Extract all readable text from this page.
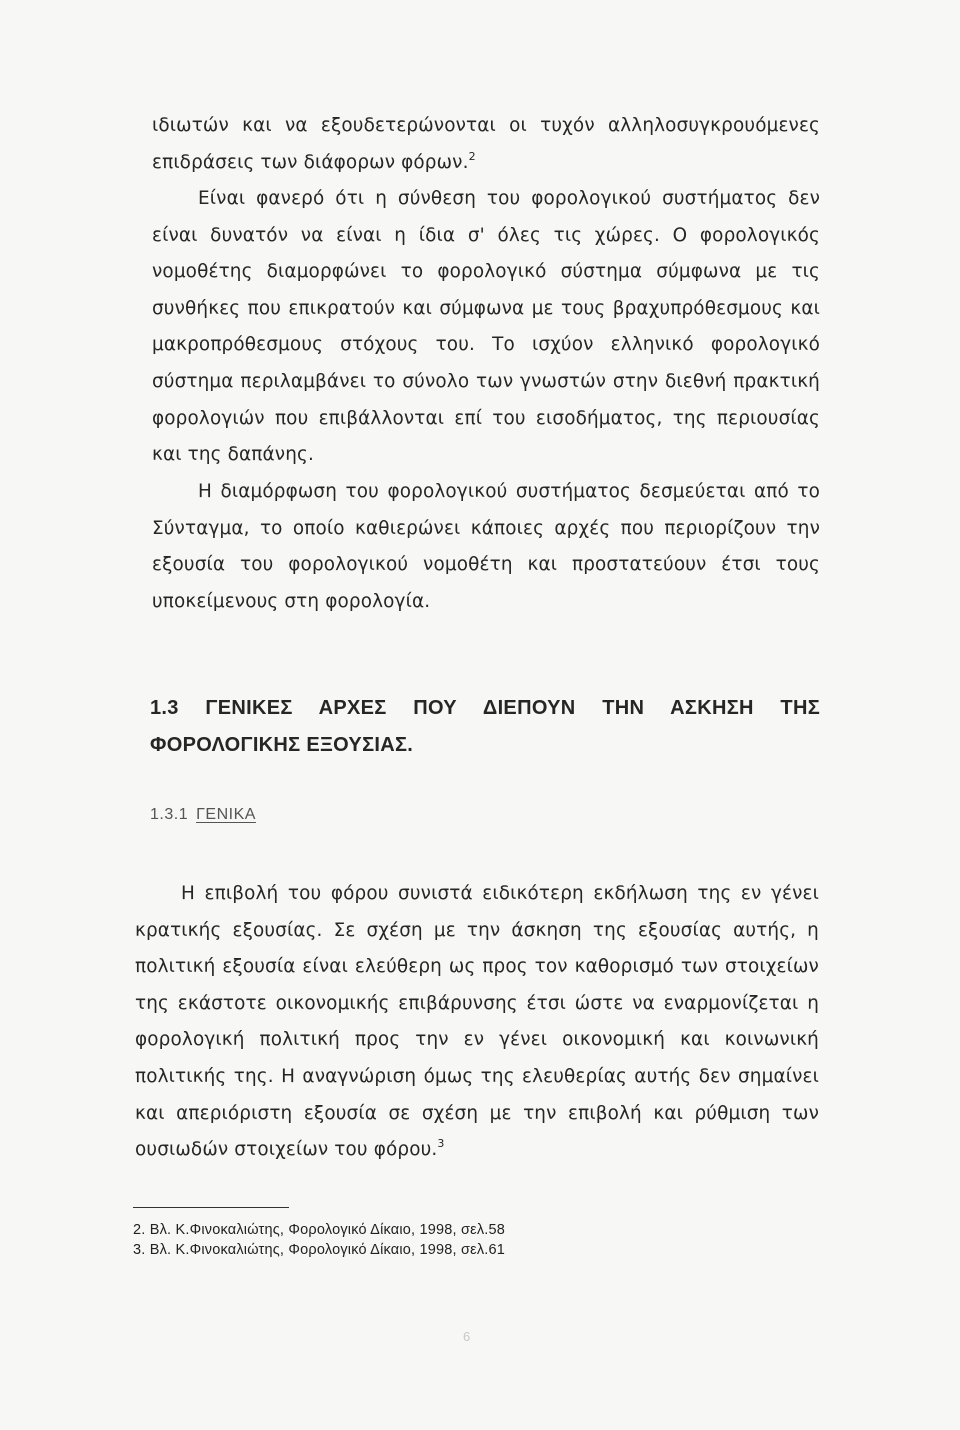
ιδιωτών και να εξουδετερώνονται οι τυχόν αλληλοσυγκρουόμενες επιδράσεις των διάφορων φόρων.$^2$

Είναι φανερό ότι η σύνθεση του φορολογικού συστήματος δεν είναι δυνατόν να είναι η ίδια σ' όλες τις χώρες. Ο φορολογικός νομοθέτης διαμορφώνει το φορολογικό σύστημα σύμφωνα με τις συνθήκες που επικρατούν και σύμφωνα με τους βραχυπρόθεσμους και μακροπρόθεσμους στόχους του. Το ισχύον ελληνικό φορολογικό σύστημα περιλαμβάνει το σύνολο των γνωστών στην διεθνή πρακτική φορολογιών που επιβάλλονται επί του εισοδήματος, της περιουσίας και της δαπάνης.

Η διαμόρφωση του φορολογικού συστήματος δεσμεύεται από το Σύνταγμα, το οποίο καθιερώνει κάποιες αρχές που περιορίζουν την εξουσία του φορολογικού νομοθέτη και προστατεύουν έτσι τους υποκείμενους στη φορολογία.

1.3 ΓΕΝΙΚΕΣ ΑΡΧΕΣ ΠΟΥ ΔΙΕΠΟΥΝ ΤΗΝ ΑΣΚΗΣΗ ΤΗΣ ΦΟΡΟΛΟΓΙΚΗΣ ΕΞΟΥΣΙΑΣ.
1.3.1 ΓΕΝΙΚΑ

Η επιβολή του φόρου συνιστά ειδικότερη εκδήλωση της εν γένει κρατικής εξουσίας. Σε σχέση με την άσκηση της εξουσίας αυτής, η πολιτική εξουσία είναι ελεύθερη ως προς τον καθορισμό των στοιχείων της εκάστοτε οικονομικής επιβάρυνσης έτσι ώστε να εναρμονίζεται η φορολογική πολιτική προς την εν γένει οικονομική και κοινωνική πολιτικής της. Η αναγνώριση όμως της ελευθερίας αυτής δεν σημαίνει και απεριόριστη εξουσία σε σχέση με την επιβολή και ρύθμιση των ουσιωδών στοιχείων του φόρου.$^3$

2. Βλ. Κ.Φινοκαλιώτης, Φορολογικό Δίκαιο, 1998, σελ.58
3. Βλ. Κ.Φινοκαλιώτης, Φορολογικό Δίκαιο, 1998, σελ.61
6
